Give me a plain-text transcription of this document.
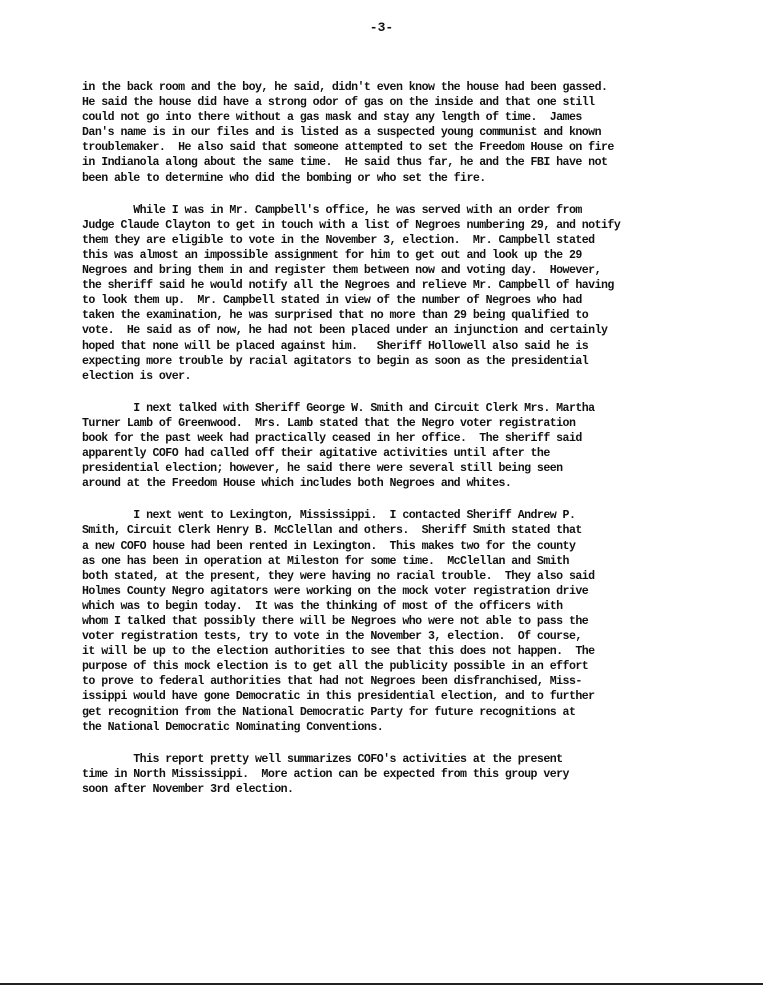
-3-
in the back room and the boy, he said, didn't even know the house had been gassed.
He said the house did have a strong odor of gas on the inside and that one still
could not go into there without a gas mask and stay any length of time.  James
Dan's name is in our files and is listed as a suspected young communist and known
troublemaker.  He also said that someone attempted to set the Freedom House on fire
in Indianola along about the same time.  He said thus far, he and the FBI have not
been able to determine who did the bombing or who set the fire.
While I was in Mr. Campbell's office, he was served with an order from
Judge Claude Clayton to get in touch with a list of Negroes numbering 29, and notify
them they are eligible to vote in the November 3, election.  Mr. Campbell stated
this was almost an impossible assignment for him to get out and look up the 29
Negroes and bring them in and register them between now and voting day.  However,
the sheriff said he would notify all the Negroes and relieve Mr. Campbell of having
to look them up.  Mr. Campbell stated in view of the number of Negroes who had
taken the examination, he was surprised that no more than 29 being qualified to
vote.  He said as of now, he had not been placed under an injunction and certainly
hoped that none will be placed against him.   Sheriff Hollowell also said he is
expecting more trouble by racial agitators to begin as soon as the presidential
election is over.
I next talked with Sheriff George W. Smith and Circuit Clerk Mrs. Martha
Turner Lamb of Greenwood.  Mrs. Lamb stated that the Negro voter registration
book for the past week had practically ceased in her office.  The sheriff said
apparently COFO had called off their agitative activities until after the
presidential election; however, he said there were several still being seen
around at the Freedom House which includes both Negroes and whites.
I next went to Lexington, Mississippi.  I contacted Sheriff Andrew P.
Smith, Circuit Clerk Henry B. McClellan and others.  Sheriff Smith stated that
a new COFO house had been rented in Lexington.  This makes two for the county
as one has been in operation at Mileston for some time.  McClellan and Smith
both stated, at the present, they were having no racial trouble.  They also said
Holmes County Negro agitators were working on the mock voter registration drive
which was to begin today.  It was the thinking of most of the officers with
whom I talked that possibly there will be Negroes who were not able to pass the
voter registration tests, try to vote in the November 3, election.  Of course,
it will be up to the election authorities to see that this does not happen.  The
purpose of this mock election is to get all the publicity possible in an effort
to prove to federal authorities that had not Negroes been disfranchised, Miss-
issippi would have gone Democratic in this presidential election, and to further
get recognition from the National Democratic Party for future recognitions at
the National Democratic Nominating Conventions.
This report pretty well summarizes COFO's activities at the present
time in North Mississippi.  More action can be expected from this group very
soon after November 3rd election.
